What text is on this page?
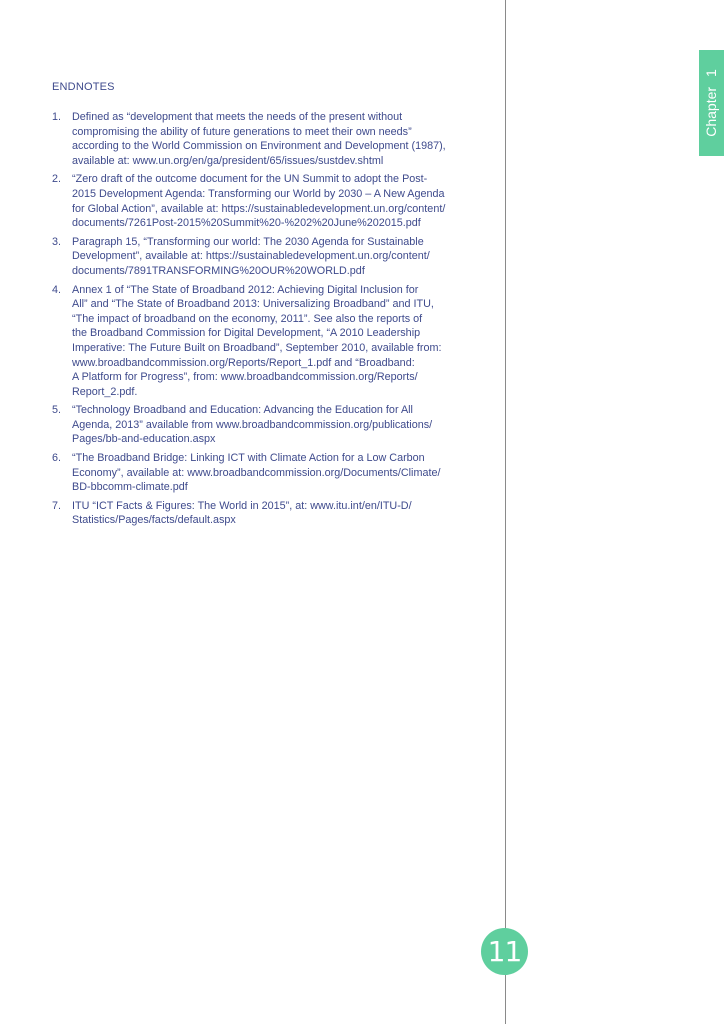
Chapter 1
ENDNOTES
1.	Defined as “development that meets the needs of the present without
compromising the ability of future generations to meet their own needs”
according to the World Commission on Environment and Development (1987),
available at: www.un.org/en/ga/president/65/issues/sustdev.shtml
2.	“Zero draft of the outcome document for the UN Summit to adopt the Post-
2015 Development Agenda: Transforming our World by 2030 – A New Agenda
for Global Action”, available at: https://sustainabledevelopment.un.org/content/
documents/7261Post-2015%20Summit%20-%202%20June%202015.pdf
3.	Paragraph 15, “Transforming our world: The 2030 Agenda for Sustainable
Development”, available at: https://sustainabledevelopment.un.org/content/
documents/7891TRANSFORMING%20OUR%20WORLD.pdf
4.	Annex 1 of “The State of Broadband 2012: Achieving Digital Inclusion for
All” and “The State of Broadband 2013: Universalizing Broadband” and ITU,
“The impact of broadband on the economy, 2011”. See also the reports of
the Broadband Commission for Digital Development, “A 2010 Leadership
Imperative: The Future Built on Broadband”, September 2010, available from:
www.broadbandcommission.org/Reports/Report_1.pdf and “Broadband:
A Platform for Progress”, from: www.broadbandcommission.org/Reports/
Report_2.pdf.
5.	“Technology Broadband and Education: Advancing the Education for All
Agenda, 2013” available from www.broadbandcommission.org/publications/
Pages/bb-and-education.aspx
6.	“The Broadband Bridge: Linking ICT with Climate Action for a Low Carbon
Economy”, available at: www.broadbandcommission.org/Documents/Climate/
BD-bbcomm-climate.pdf
7.	ITU “ICT Facts & Figures: The World in 2015”, at: www.itu.int/en/ITU-D/
Statistics/Pages/facts/default.aspx
11
